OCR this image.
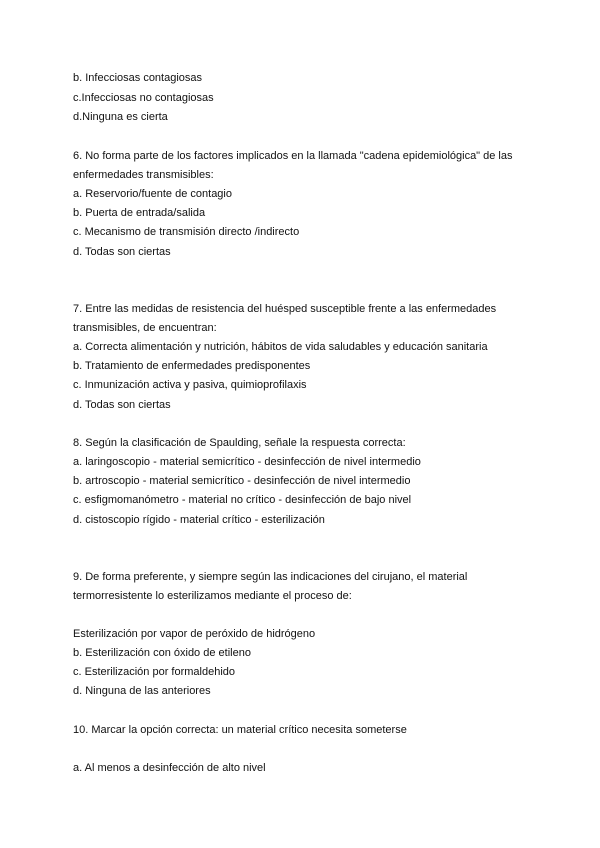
b. Infecciosas contagiosas
c.Infecciosas no contagiosas
d.Ninguna es cierta
6. No forma parte de los factores implicados en la llamada "cadena epidemiológica" de las
enfermedades transmisibles:
a. Reservorio/fuente de contagio
b. Puerta de entrada/salida
c. Mecanismo de transmisión directo /indirecto
d. Todas son ciertas
7. Entre las medidas de resistencia del huésped susceptible frente a las enfermedades
transmisibles, de encuentran:
a. Correcta alimentación y nutrición, hábitos de vida saludables y educación sanitaria
b. Tratamiento de enfermedades predisponentes
c. Inmunización activa y pasiva, quimioprofilaxis
d. Todas son ciertas
8. Según la clasificación de Spaulding, señale la respuesta correcta:
a. laringoscopio - material semicrítico - desinfección de nivel intermedio
b. artroscopio - material semicrítico - desinfección de nivel intermedio
c. esfigmomanómetro - material no crítico - desinfección de bajo nivel
d. cistoscopio rígido - material crítico - esterilización
9. De forma preferente, y siempre según las indicaciones del cirujano, el material
termorresistente lo esterilizamos mediante el proceso de:
Esterilización por vapor de peróxido de hidrógeno
b. Esterilización con óxido de etileno
c. Esterilización por formaldehido
d. Ninguna de las anteriores
10. Marcar la opción correcta: un material crítico necesita someterse
a. Al menos a desinfección de alto nivel
